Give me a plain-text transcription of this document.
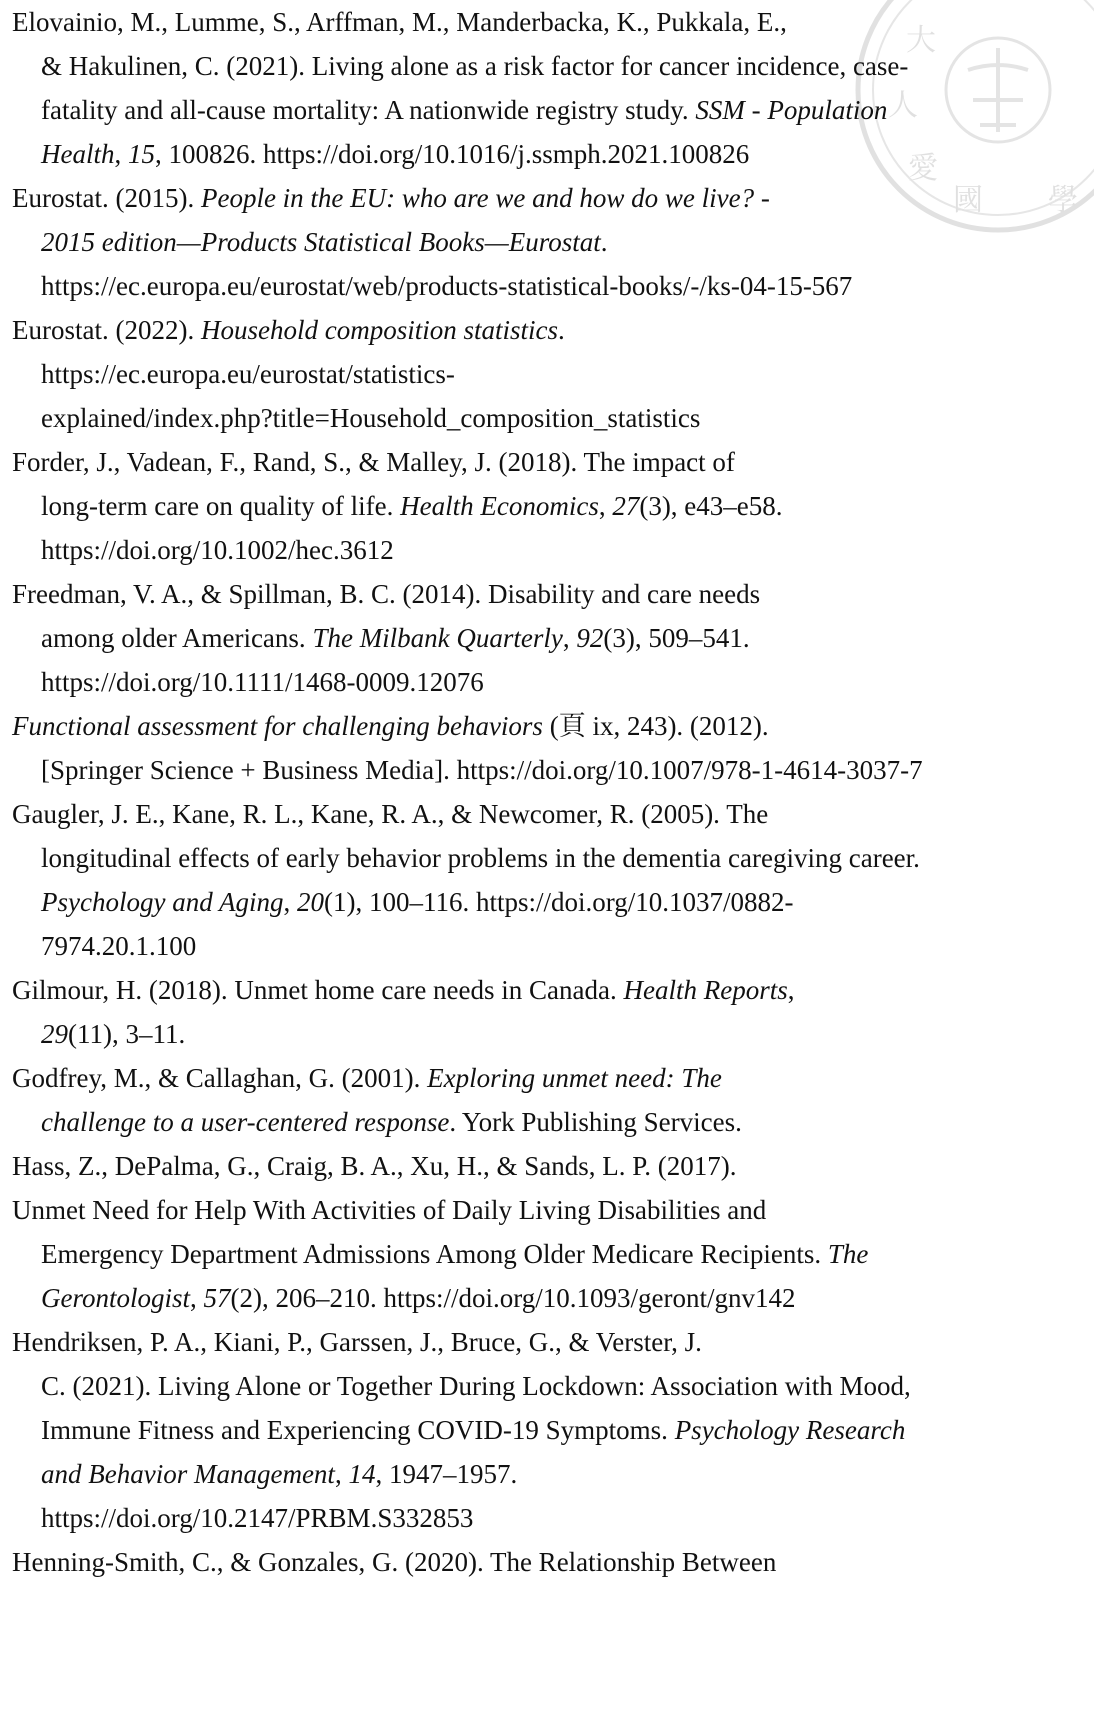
大
人
愛
國 學
Elovainio, M., Lumme, S., Arffman, M., Manderbacka, K., Pukkala, E.,
& Hakulinen, C. (2021). Living alone as a risk factor for cancer incidence, case-
fatality and all-cause mortality: A nationwide registry study. SSM - Population
Health, 15, 100826. https://doi.org/10.1016/j.ssmph.2021.100826
Eurostat. (2015). People in the EU: who are we and how do we live? -
2015 edition—Products Statistical Books—Eurostat.
https://ec.europa.eu/eurostat/web/products-statistical-books/-/ks-04-15-567
Eurostat. (2022). Household composition statistics.
https://ec.europa.eu/eurostat/statistics-
explained/index.php?title=Household_composition_statistics
Forder, J., Vadean, F., Rand, S., & Malley, J. (2018). The impact of
long-term care on quality of life. Health Economics, 27(3), e43–e58.
https://doi.org/10.1002/hec.3612
Freedman, V. A., & Spillman, B. C. (2014). Disability and care needs
among older Americans. The Milbank Quarterly, 92(3), 509–541.
https://doi.org/10.1111/1468-0009.12076
Functional assessment for challenging behaviors (頁 ix, 243). (2012).
[Springer Science + Business Media]. https://doi.org/10.1007/978-1-4614-3037-7
Gaugler, J. E., Kane, R. L., Kane, R. A., & Newcomer, R. (2005). The
longitudinal effects of early behavior problems in the dementia caregiving career.
Psychology and Aging, 20(1), 100–116. https://doi.org/10.1037/0882-
7974.20.1.100
Gilmour, H. (2018). Unmet home care needs in Canada. Health Reports,
29(11), 3–11.
Godfrey, M., & Callaghan, G. (2001). Exploring unmet need: The
challenge to a user-centered response. York Publishing Services.
Hass, Z., DePalma, G., Craig, B. A., Xu, H., & Sands, L. P. (2017).
Unmet Need for Help With Activities of Daily Living Disabilities and
Emergency Department Admissions Among Older Medicare Recipients. The
Gerontologist, 57(2), 206–210. https://doi.org/10.1093/geront/gnv142
Hendriksen, P. A., Kiani, P., Garssen, J., Bruce, G., & Verster, J.
C. (2021). Living Alone or Together During Lockdown: Association with Mood,
Immune Fitness and Experiencing COVID-19 Symptoms. Psychology Research
and Behavior Management, 14, 1947–1957.
https://doi.org/10.2147/PRBM.S332853
Henning-Smith, C., & Gonzales, G. (2020). The Relationship Between
